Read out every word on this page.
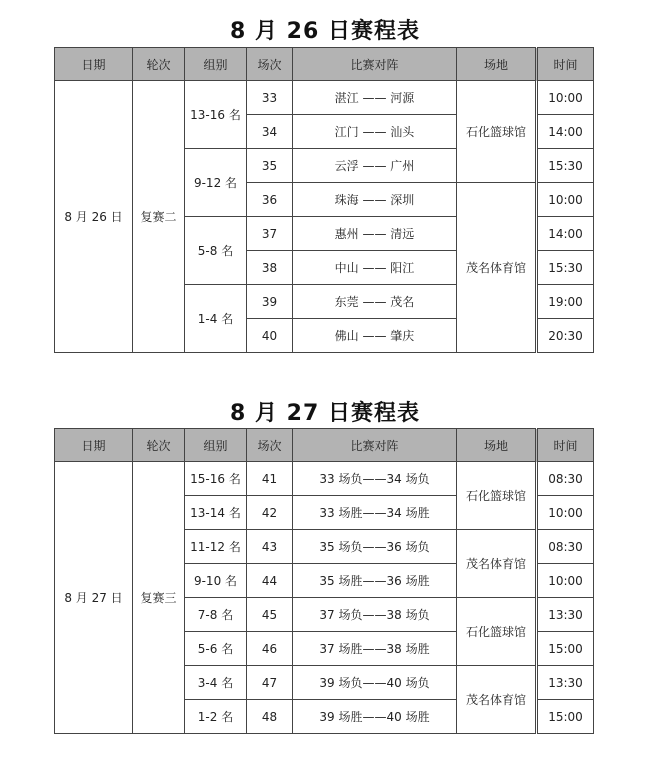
8 月 26 日赛程表
日期	轮次	组别	场次	比赛对阵	场地	时间
8 月 26 日	复赛二	13-16 名	33	湛江 —— 河源	石化篮球馆	10:00
			34	江门 —— 汕头		14:00
		9-12 名	35	云浮 —— 广州		15:30
			36	珠海 —— 深圳	茂名体育馆	10:00
		5-8 名	37	惠州 —— 清远		14:00
			38	中山 —— 阳江		15:30
		1-4 名	39	东莞 —— 茂名		19:00
			40	佛山 —— 肇庆		20:30
8 月 27 日赛程表
日期	轮次	组别	场次	比赛对阵	场地	时间
8 月 27 日	复赛三	15-16 名	41	33 场负——34 场负	石化篮球馆	08:30
		13-14 名	42	33 场胜——34 场胜		10:00
		11-12 名	43	35 场负——36 场负	茂名体育馆	08:30
		9-10 名	44	35 场胜——36 场胜		10:00
		7-8 名	45	37 场负——38 场负	石化篮球馆	13:30
		5-6 名	46	37 场胜——38 场胜		15:00
		3-4 名	47	39 场负——40 场负	茂名体育馆	13:30
		1-2 名	48	39 场胜——40 场胜		15:00
